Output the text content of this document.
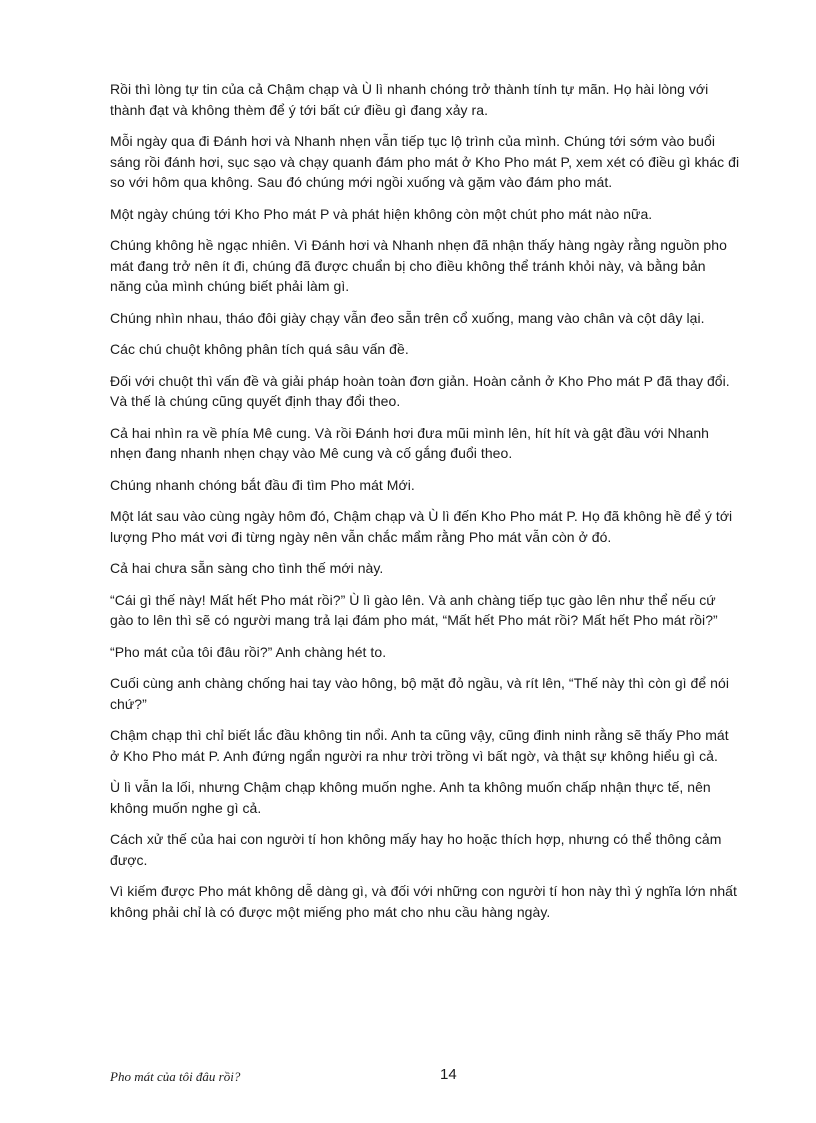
Rồi thì lòng tự tin của cả Chậm chạp và Ù lì nhanh chóng trở thành tính tự mãn. Họ hài lòng với thành đạt và không thèm để ý tới bất cứ điều gì đang xảy ra.

Mỗi ngày qua đi Đánh hơi và Nhanh nhẹn vẫn tiếp tục lộ trình của mình. Chúng tới sớm vào buổi sáng rồi đánh hơi, sục sạo và chạy quanh đám pho mát ở Kho Pho mát P, xem xét có điều gì khác đi so với hôm qua không. Sau đó chúng mới ngồi xuống và gặm vào đám pho mát.

Một ngày chúng tới Kho Pho mát P và phát hiện không còn một chút pho mát nào nữa.

Chúng không hề ngạc nhiên. Vì Đánh hơi và Nhanh nhẹn đã nhận thấy hàng ngày rằng nguồn pho mát đang trở nên ít đi, chúng đã được chuẩn bị cho điều không thể tránh khỏi này, và bằng bản năng của mình chúng biết phải làm gì.

Chúng nhìn nhau, tháo đôi giày chạy vẫn đeo sẵn trên cổ xuống, mang vào chân và cột dây lại.

Các chú chuột không phân tích quá sâu vấn đề.

Đối với chuột thì vấn đề và giải pháp hoàn toàn đơn giản. Hoàn cảnh ở Kho Pho mát P đã thay đổi. Và thế là chúng cũng quyết định thay đổi theo.

Cả hai nhìn ra về phía Mê cung. Và rồi Đánh hơi đưa mũi mình lên, hít hít và gật đầu với Nhanh nhẹn đang nhanh nhẹn chạy vào Mê cung và cố gắng đuổi theo.

Chúng nhanh chóng bắt đầu đi tìm Pho mát Mới.

Một lát sau vào cùng ngày hôm đó, Chậm chạp và Ù lì đến Kho Pho mát P. Họ đã không hề để ý tới lượng Pho mát vơi đi từng ngày nên vẫn chắc mẩm rằng Pho mát vẫn còn ở đó.

Cả hai chưa sẵn sàng cho tình thế mới này.

“Cái gì thế này! Mất hết Pho mát rồi?” Ù lì gào lên. Và anh chàng tiếp tục gào lên như thể nếu cứ gào to lên thì sẽ có người mang trả lại đám pho mát, “Mất hết Pho mát rồi? Mất hết Pho mát rồi?”

“Pho mát của tôi đâu rồi?” Anh chàng hét to.

Cuối cùng anh chàng chống hai tay vào hông, bộ mặt đỏ ngầu, và rít lên, “Thế này thì còn gì để nói chứ?”

Chậm chạp thì chỉ biết lắc đầu không tin nổi. Anh ta cũng vậy, cũng đinh ninh rằng sẽ thấy Pho mát ở Kho Pho mát P. Anh đứng ngẩn người ra như trời trồng vì bất ngờ, và thật sự không hiểu gì cả.

Ù lì vẫn la lối, nhưng Chậm chạp không muốn nghe. Anh ta không muốn chấp nhận thực tế, nên không muốn nghe gì cả.

Cách xử thế của hai con người tí hon không mấy hay ho hoặc thích hợp, nhưng có thể thông cảm được.

Vì kiếm được Pho mát không dễ dàng gì, và đối với những con người tí hon này thì ý nghĩa lớn nhất không phải chỉ là có được một miếng pho mát cho nhu cầu hàng ngày.

Pho mát của tôi đâu rồi?	14
